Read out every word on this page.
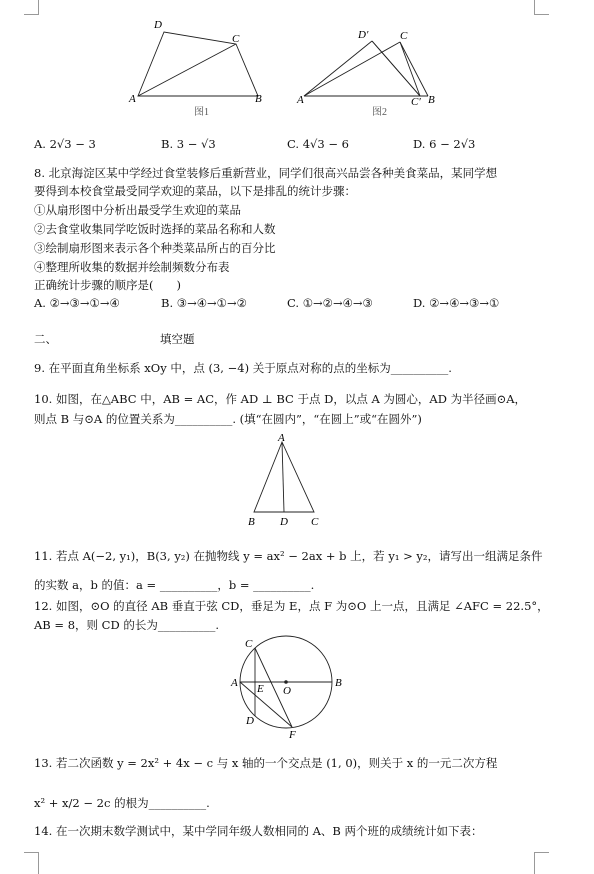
D
C
A	B
图1
D′	C
A	C′ B
图2
A. 2√3 − 3	B. 3 − √3	C. 4√3 − 6	D. 6 − 2√3
8. 北京海淀区某中学经过食堂装修后重新营业，同学们很高兴品尝各种美食菜品，某同学想
要得到本校食堂最受同学欢迎的菜品，以下是排乱的统计步骤：
①从扇形图中分析出最受学生欢迎的菜品
②去食堂收集同学吃饭时选择的菜品名称和人数
③绘制扇形图来表示各个种类菜品所占的百分比
④整理所收集的数据并绘制频数分布表
正确统计步骤的顺序是(　　)
A. ②→③→①→④	B. ③→④→①→②	C. ①→②→④→③	D. ②→④→③→①
二、	填空题
9. 在平面直角坐标系 xOy 中，点 (3, −4) 关于原点对称的点的坐标为__________.
10. 如图，在△ABC 中，AB = AC，作 AD ⊥ BC 于点 D，以点 A 为圆心，AD 为半径画⊙A，
则点 B 与⊙A 的位置关系为__________. (填“在圆内”，“在圆上”或“在圆外”)
A
B D C
11. 若点 A(−2, y₁)，B(3, y₂) 在抛物线 y = ax² − 2ax + b 上，若 y₁ > y₂，请写出一组满足条件
的实数 a，b 的值：a = __________，b = __________.
12. 如图，⊙O 的直径 AB 垂直于弦 CD，垂足为 E，点 F 为⊙O 上一点，且满足 ∠AFC = 22.5°，
AB = 8，则 CD 的长为__________.
C
A E O
B
D
F
13. 若二次函数 y = 2x² + 4x − c 与 x 轴的一个交点是 (1, 0)，则关于 x 的一元二次方程
x² + x/2 − 2c 的根为__________.
14. 在一次期末数学测试中，某中学同年级人数相同的 A、B 两个班的成绩统计如下表：
